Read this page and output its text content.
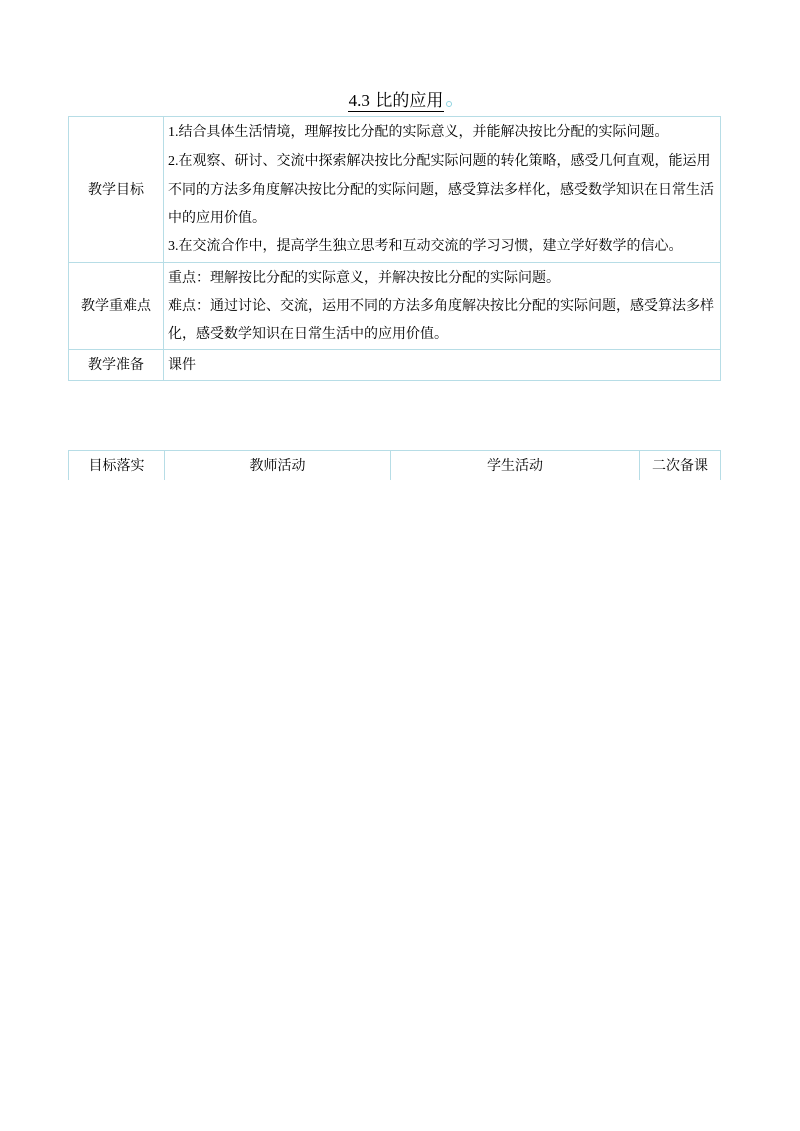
4.3 比的应用
教学目标	1.结合具体生活情境，理解按比分配的实际意义，并能解决按比分配的实际问题。

2.在观察、研讨、交流中探索解决按比分配实际问题的转化策略，感受几何直观，能运用不同的方法多角度解决按比分配的实际问题，感受算法多样化，感受数学知识在日常生活中的应用价值。

3.在交流合作中，提高学生独立思考和互动交流的学习习惯，建立学好数学的信心。

教学重难点	重点：理解按比分配的实际意义，并解决按比分配的实际问题。

难点：通过讨论、交流，运用不同的方法多角度解决按比分配的实际问题，感受算法多样化，感受数学知识在日常生活中的应用价值。

教学准备	课件
目标落实	教师活动	学生活动	二次备课
